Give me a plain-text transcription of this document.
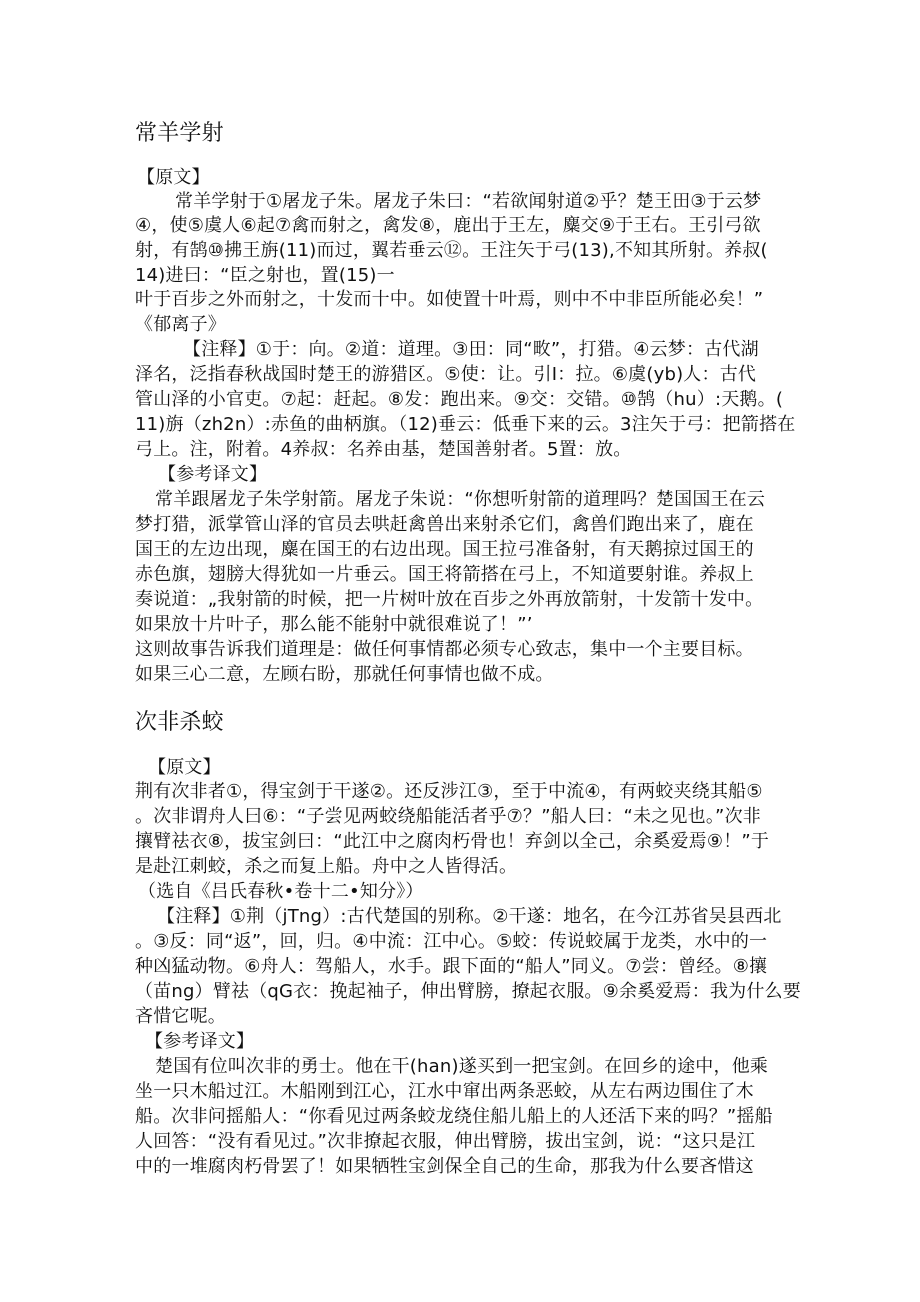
常羊学射
【原文】
常羊学射于①屠龙子朱。屠龙子朱曰：“若欲闻射道②乎？楚王田③于云梦
④，使⑤虞人⑥起⑦禽而射之，禽发⑧，鹿出于王左，麋交⑨于王右。王引弓欲
射，有鹄⑩拂王旃(11)而过，翼若垂云⑫。王注矢于弓(13),不知其所射。养叔(
14)进曰：“臣之射也，置(15)一
叶于百步之外而射之，十发而十中。如使置十叶焉，则中不中非臣所能必矣！”
《郁离子》
【注释】①于：向。②道：道理。③田：同“畋”，打猎。④云梦：古代湖
泽名，泛指春秋战国时楚王的游猎区。⑤使：让。引I：拉。⑥虞(yb)人：古代
管山泽的小官吏。⑦起：赶起。⑧发：跑出来。⑨交：交错。⑩鹄（hu）:天鹅。(
11)旃（zh2n）:赤鱼的曲柄旗。（12)垂云：低垂下来的云。3注矢于弓：把箭搭在
弓上。注，附着。4养叔：名养由基，楚国善射者。5置：放。
【参考译文】
常羊跟屠龙子朱学射箭。屠龙子朱说：“你想听射箭的道理吗？楚国国王在云
梦打猎，派掌管山泽的官员去哄赶禽兽出来射杀它们，禽兽们跑出来了，鹿在
国王的左边出现，麋在国王的右边出现。国王拉弓准备射，有天鹅掠过国王的
赤色旗，翅膀大得犹如一片垂云。国王将箭搭在弓上，不知道要射谁。养叔上
奏说道：„我射箭的时候，把一片树叶放在百步之外再放箭射，十发箭十发中。
如果放十片叶子，那么能不能射中就很难说了！”’
这则故事告诉我们道理是：做任何事情都必须专心致志，集中一个主要目标。
如果三心二意，左顾右盼，那就任何事情也做不成。
次非杀蛟
【原文】
荆有次非者①，得宝剑于干遂②。还反涉江③，至于中流④，有两蛟夹绕其船⑤
。次非谓舟人曰⑥：“子尝见两蛟绕船能活者乎⑦？”船人曰：“未之见也。”次非
攘臂祛衣⑧，拔宝剑曰：“此江中之腐肉朽骨也！弃剑以全己，余奚爱焉⑨！”于
是赴江刺蛟，杀之而复上船。舟中之人皆得活。
（选自《吕氏春秋•卷十二•知分》）
【注释】①荆（jTng）:古代楚国的别称。②干遂：地名，在今江苏省吴县西北
。③反：同“返”，回，归。④中流：江中心。⑤蛟：传说蛟属于龙类，水中的一
种凶猛动物。⑥舟人：驾船人，水手。跟下面的“船人”同义。⑦尝：曾经。⑧攘
（苗ng）臂祛（qG衣：挽起袖子，伸出臂膀，撩起衣服。⑨余奚爱焉：我为什么要
吝惜它呢。
【参考译文】
楚国有位叫次非的勇士。他在干(han)遂买到一把宝剑。在回乡的途中，他乘
坐一只木船过江。木船刚到江心，江水中窜出两条恶蛟，从左右两边围住了木
船。次非问摇船人：“你看见过两条蛟龙绕住船儿船上的人还活下来的吗？”摇船
人回答：“没有看见过。”次非撩起衣服，伸出臂膀，拔出宝剑，说：“这只是江
中的一堆腐肉朽骨罢了！如果牺牲宝剑保全自己的生命，那我为什么要吝惜这
